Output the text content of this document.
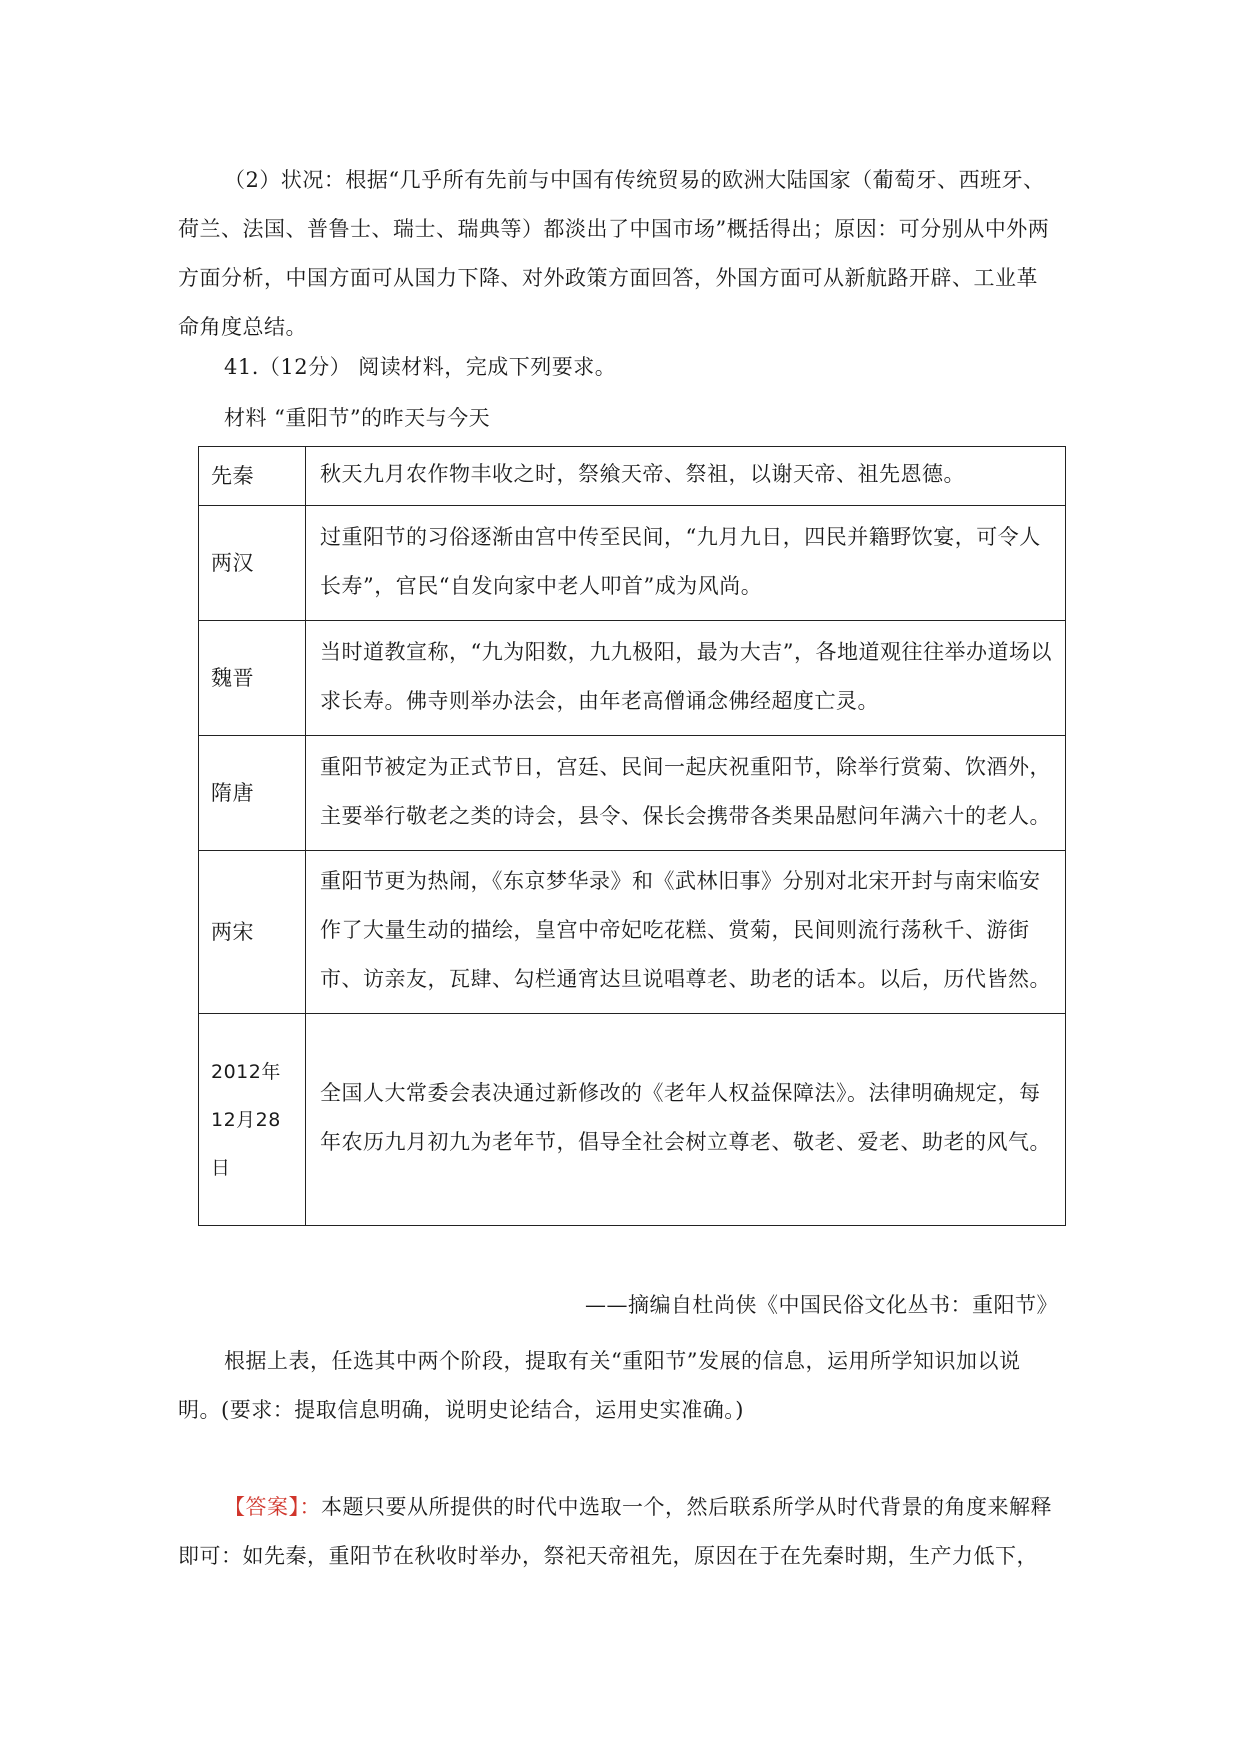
（2）状况：根据“几乎所有先前与中国有传统贸易的欧洲大陆国家（葡萄牙、西班牙、荷兰、法国、普鲁士、瑞士、瑞典等）都淡出了中国市场”概括得出；原因：可分别从中外两方面分析，中国方面可从国力下降、对外政策方面回答，外国方面可从新航路开辟、工业革命角度总结。

41.（12分） 阅读材料，完成下列要求。

材料 “重阳节”的昨天与今天

先秦	秋天九月农作物丰收之时，祭飨天帝、祭祖，以谢天帝、祖先恩德。
两汉	过重阳节的习俗逐渐由宫中传至民间，“九月九日，四民并籍野饮宴，可令人长寿”，官民“自发向家中老人叩首”成为风尚。
魏晋	当时道教宣称，“九为阳数，九九极阳，最为大吉”，各地道观往往举办道场以求长寿。佛寺则举办法会，由年老高僧诵念佛经超度亡灵。
隋唐	重阳节被定为正式节日，宫廷、民间一起庆祝重阳节，除举行赏菊、饮酒外，主要举行敬老之类的诗会，县令、保长会携带各类果品慰问年满六十的老人。
两宋	重阳节更为热闹，《东京梦华录》和《武林旧事》分别对北宋开封与南宋临安作了大量生动的描绘，皇宫中帝妃吃花糕、赏菊，民间则流行荡秋千、游街市、访亲友，瓦肆、勾栏通宵达旦说唱尊老、助老的话本。以后，历代皆然。
2012年12月28日	全国人大常委会表决通过新修改的《老年人权益保障法》。法律明确规定，每年农历九月初九为老年节，倡导全社会树立尊老、敬老、爱老、助老的风气。

——摘编自杜尚侠《中国民俗文化丛书：重阳节》

根据上表，任选其中两个阶段，提取有关“重阳节”发展的信息，运用所学知识加以说明。(要求：提取信息明确，说明史论结合，运用史实准确。)

【答案】：本题只要从所提供的时代中选取一个，然后联系所学从时代背景的角度来解释即可：如先秦，重阳节在秋收时举办，祭祀天帝祖先，原因在于在先秦时期，生产力低下，
